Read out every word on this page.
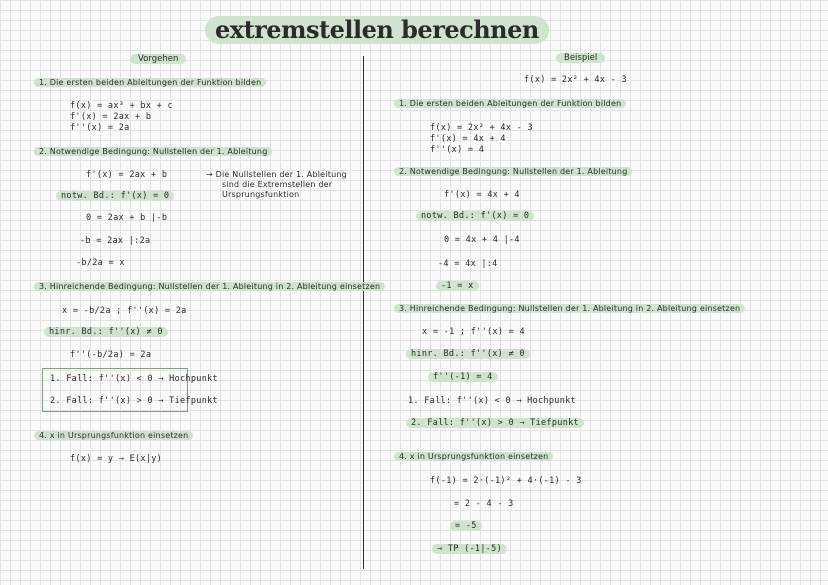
extremstellen berechnen
Vorgehen
1. Die ersten beiden Ableitungen der Funktion bilden
f(x) = ax³ + bx + c
f'(x) = 2ax + b
f''(x) = 2a
2. Notwendige Bedingung: Nullstellen der 1. Ableitung
f'(x) = 2ax + b	→ Die Nullstellen der 1. Ableitung
sind die Extremstellen der
Ursprungsfunktion
notw. Bd.: f'(x) = 0
0 = 2ax + b |-b
-b = 2ax |:2a
-b/2a = x
3. Hinreichende Bedingung: Nullstellen der 1. Ableitung in 2. Ableitung einsetzen
x = -b/2a ; f''(x) = 2a
hinr. Bd.: f''(x) ≠ 0
f''(-b/2a) = 2a
1. Fall: f''(x) < 0 → Hochpunkt
2. Fall: f''(x) > 0 → Tiefpunkt
4. x in Ursprungsfunktion einsetzen
f(x) = y → E(x|y)
Beispiel
f(x) = 2x² + 4x - 3
1. Die ersten beiden Ableitungen der Funktion bilden
f(x) = 2x² + 4x - 3
f'(x) = 4x + 4
f''(x) = 4
2. Notwendige Bedingung: Nullstellen der 1. Ableitung
f'(x) = 4x + 4
notw. Bd.: f'(x) = 0
0 = 4x + 4 |-4
-4 = 4x |:4
-1 = x
3. Hinreichende Bedingung: Nullstellen der 1. Ableitung in 2. Ableitung einsetzen
x = -1 ; f''(x) = 4
hinr. Bd.: f''(x) ≠ 0
f''(-1) = 4
1. Fall: f''(x) < 0 → Hochpunkt
2. Fall: f''(x) > 0 → Tiefpunkt
4. x in Ursprungsfunktion einsetzen
f(-1) = 2·(-1)² + 4·(-1) - 3
= 2 - 4 - 3
= -5
→ TP (-1|-5)
